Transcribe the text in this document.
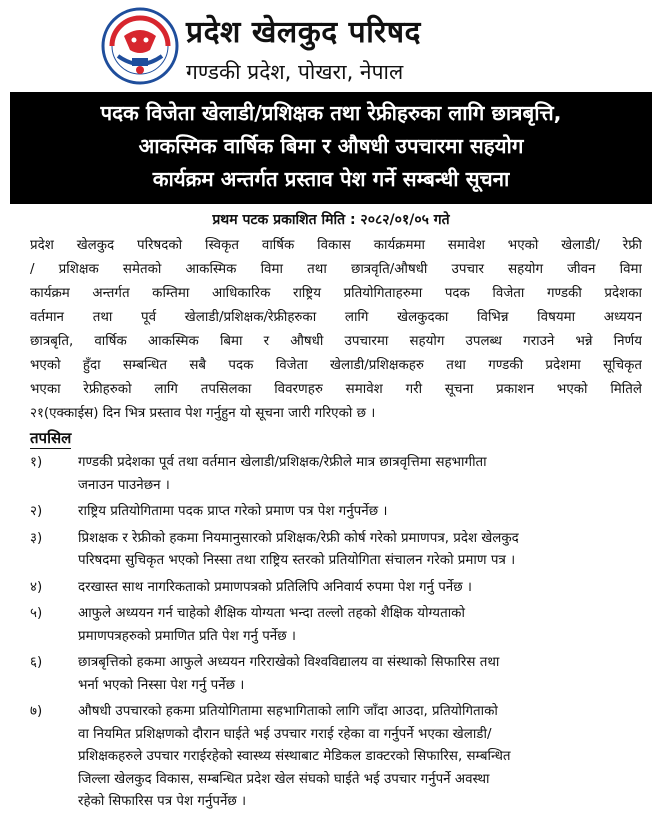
प्रदेश खेलकुद परिषद
गण्डकी प्रदेश, पोखरा, नेपाल
पदक विजेता खेलाडी/प्रशिक्षक तथा रेफ्रीहरुका लागि छात्रबृत्ति,
आकस्मिक वार्षिक बिमा र औषधी उपचारमा सहयोग
कार्यक्रम अन्तर्गत प्रस्ताव पेश गर्ने सम्बन्धी सूचना
प्रथम पटक प्रकाशित मिति : २०८२/०१/०५ गते
प्रदेश खेलकुद परिषदको स्विकृत वार्षिक विकास कार्यक्रममा समावेश भएको खेलाडी/ रेफ्री
/ प्रशिक्षक समेतको आकस्मिक विमा तथा छात्रवृति/औषधी उपचार सहयोग जीवन विमा
कार्यक्रम अन्तर्गत कम्तिमा आधिकारिक राष्ट्रिय प्रतियोगिताहरुमा पदक विजेता गण्डकी प्रदेशका
वर्तमान तथा पूर्व खेलाडी/प्रशिक्षक/रेफ्रीहरुका लागि खेलकुदका विभिन्न विषयमा अध्ययन
छात्रबृति, वार्षिक आकस्मिक बिमा र औषधी उपचारमा सहयोग उपलब्ध गराउने भन्ने निर्णय
भएको हुँदा सम्बन्धित सबै पदक विजेता खेलाडी/प्रशिक्षकहरु तथा गण्डकी प्रदेशमा सूचिकृत
भएका रेफ्रीहरुको लागि तपसिलका विवरणहरु समावेश गरी सूचना प्रकाशन भएको मितिले
२१(एक्काईस) दिन भित्र प्रस्ताव पेश गर्नुहुन यो सूचना जारी गरिएको छ ।
तपसिल
१)	गण्डकी प्रदेशका पूर्व तथा वर्तमान खेलाडी/प्रशिक्षक/रेफ्रीले मात्र छात्रवृत्तिमा सहभागीता
जनाउन पाउनेछन ।
२)	राष्ट्रिय प्रतियोगितामा पदक प्राप्त गरेको प्रमाण पत्र पेश गर्नुपर्नेछ ।
३)	प्रिशक्षक र रेफ्रीको हकमा नियमानुसारको प्रशिक्षक/रेफ्री कोर्ष गरेको प्रमाणपत्र, प्रदेश खेलकुद
परिषदमा सुचिकृत भएको निस्सा तथा राष्ट्रिय स्तरको प्रतियोगिता संचालन गरेको प्रमाण पत्र ।
४)	दरखास्त साथ नागरिकताको प्रमाणपत्रको प्रतिलिपि अनिवार्य रुपमा पेश गर्नु पर्नेछ ।
५)	आफुले अध्ययन गर्न चाहेको शैक्षिक योग्यता भन्दा तल्लो तहको शैक्षिक योग्यताको
प्रमाणपत्रहरुको प्रमाणित प्रति पेश गर्नु पर्नेछ ।
६)	छात्रबृत्तिको हकमा आफुले अध्ययन गरिराखेको विश्वविद्यालय वा संस्थाको सिफारिस तथा
भर्ना भएको निस्सा पेश गर्नु पर्नेछ ।
७)	औषधी उपचारको हकमा प्रतियोगितामा सहभागिताको लागि जाँदा आउदा, प्रतियोगिताको
वा नियमित प्रशिक्षणको दौरान घाईते भई उपचार गराई रहेका वा गर्नुपर्ने भएका खेलाडी/
प्रशिक्षकहरुले उपचार गराईरहेको स्वास्थ्य संस्थाबाट मेडिकल डाक्टरको सिफारिस, सम्बन्धित
जिल्ला खेलकुद विकास, सम्बन्धित प्रदेश खेल संघको घाईते भई उपचार गर्नुपर्ने अवस्था
रहेको सिफारिस पत्र पेश गर्नुपर्नेछ ।
